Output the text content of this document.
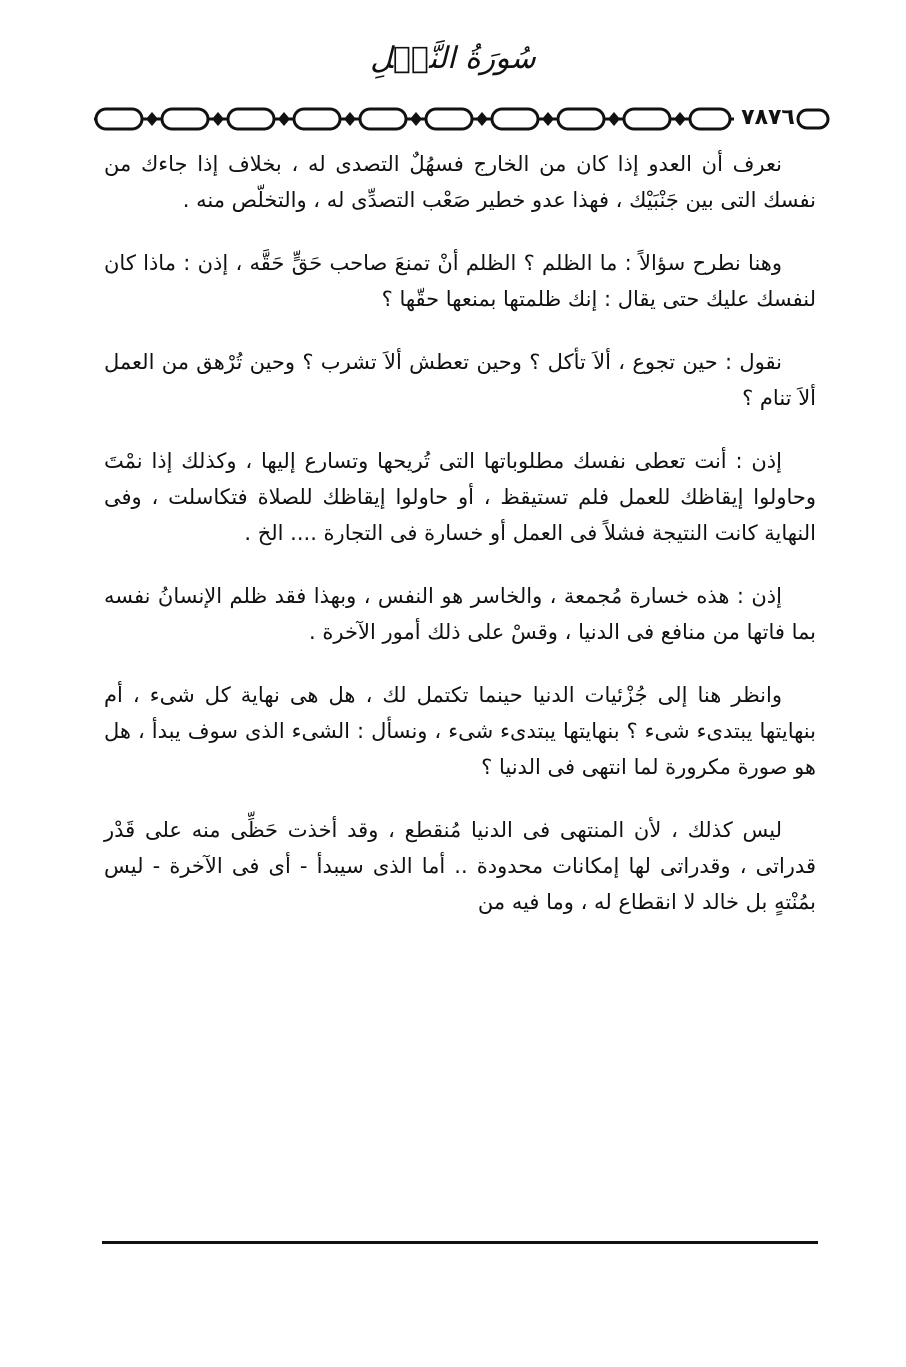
سُورَةُ النَّحۡلِ
٧٨٧٦

نعرف أن العدو إذا كان من الخارج فسهُلٌ التصدى له ، بخلاف إذا جاءك من نفسك التى بين جَنْبَيْك ، فهذا عدو خطير صَعْب التصدِّى له ، والتخلّص منه .

وهنا نطرح سؤالاً : ما الظلم ؟ الظلم أنْ تمنعَ صاحب حَقٍّ حَقَّه ، إذن : ماذا كان لنفسك عليك حتى يقال : إنك ظلمتها بمنعها حقّها ؟

نقول : حين تجوع ، ألاَ تأكل ؟ وحين تعطش ألاَ تشرب ؟ وحين تُرْهق من العمل ألاَ تنام ؟

إذن : أنت تعطى نفسك مطلوباتها التى تُريحها وتسارع إليها ، وكذلك إذا نمْتَ وحاولوا إيقاظك للعمل فلم تستيقظ ، أو حاولوا إيقاظك للصلاة فتكاسلت ، وفى النهاية كانت النتيجة فشلاً فى العمل أو خسارة فى التجارة .... الخ .

إذن : هذه خسارة مُجمعة ، والخاسر هو النفس ، وبهذا فقد ظلم الإنسانُ نفسه بما فاتها من منافع فى الدنيا ، وقسْ على ذلك أمور الآخرة .

وانظر هنا إلى جُزْئيات الدنيا حينما تكتمل لك ، هل هى نهاية كل شىء ، أم بنهايتها يبتدىء شىء ؟ بنهايتها يبتدىء شىء ، ونسأل : الشىء الذى سوف يبدأ ، هل هو صورة مكرورة لما انتهى فى الدنيا ؟

ليس كذلك ، لأن المنتهى فى الدنيا مُنقطع ، وقد أخذت حَظِّى منه على قَدْر قدراتى ، وقدراتى لها إمكانات محدودة .. أما الذى سيبدأ - أى فى الآخرة - ليس بمُنْتهٍ بل خالد لا انقطاع له ، وما فيه من
